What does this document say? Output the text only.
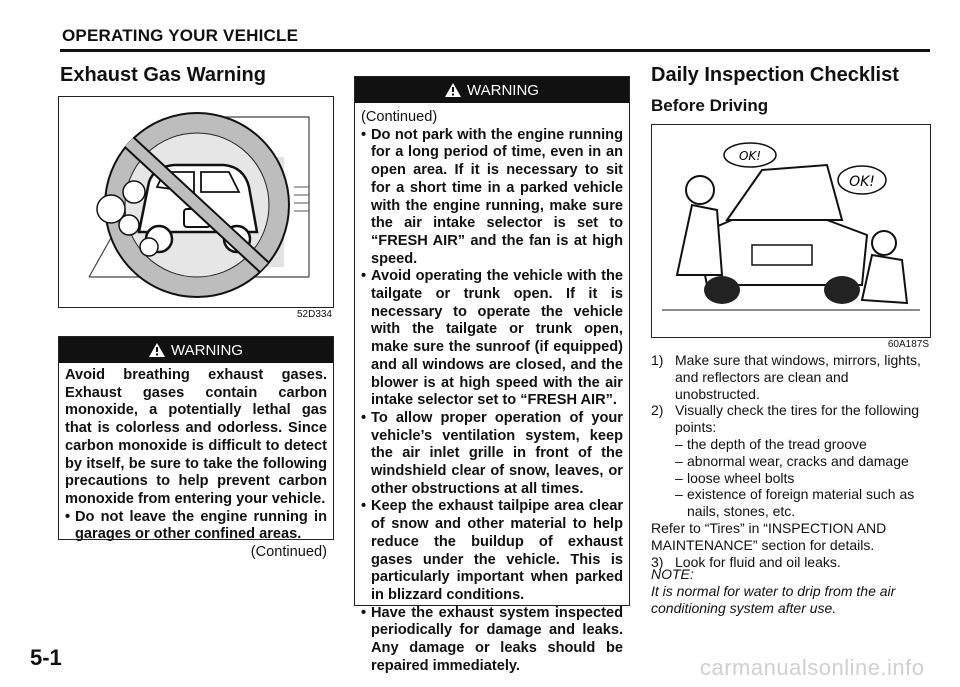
OPERATING YOUR VEHICLE
Exhaust Gas Warning
52D334
WARNING

Avoid breathing exhaust gases. Exhaust gases contain carbon monoxide, a potentially lethal gas that is colorless and odorless. Since carbon monoxide is difficult to detect by itself, be sure to take the following precautions to help prevent carbon monoxide from entering your vehicle.

• Do not leave the engine running in garages or other confined areas.
(Continued)
WARNING
(Continued)
• Do not park with the engine running for a long period of time, even in an open area. If it is necessary to sit for a short time in a parked vehicle with the engine running, make sure the air intake selector is set to “FRESH AIR” and the fan is at high speed.
• Avoid operating the vehicle with the tailgate or trunk open. If it is necessary to operate the vehicle with the tailgate or trunk open, make sure the sunroof (if equipped) and all windows are closed, and the blower is at high speed with the air intake selector set to “FRESH AIR”.
• To allow proper operation of your vehicle’s ventilation system, keep the air inlet grille in front of the windshield clear of snow, leaves, or other obstructions at all times.
• Keep the exhaust tailpipe area clear of snow and other material to help reduce the buildup of exhaust gases under the vehicle. This is particularly important when parked in blizzard conditions.
• Have the exhaust system inspected periodically for damage and leaks. Any damage or leaks should be repaired immediately.
Daily Inspection Checklist
Before Driving
OK!
OK!
60A187S
1) Make sure that windows, mirrors, lights, and reflectors are clean and unobstructed.
2) Visually check the tires for the following points:
– the depth of the tread groove
– abnormal wear, cracks and damage
– loose wheel bolts
– existence of foreign material such as nails, stones, etc.
Refer to “Tires” in “INSPECTION AND MAINTENANCE” section for details.
3) Look for fluid and oil leaks.
NOTE:
It is normal for water to drip from the air conditioning system after use.
5-1	carmanualsonline.info
